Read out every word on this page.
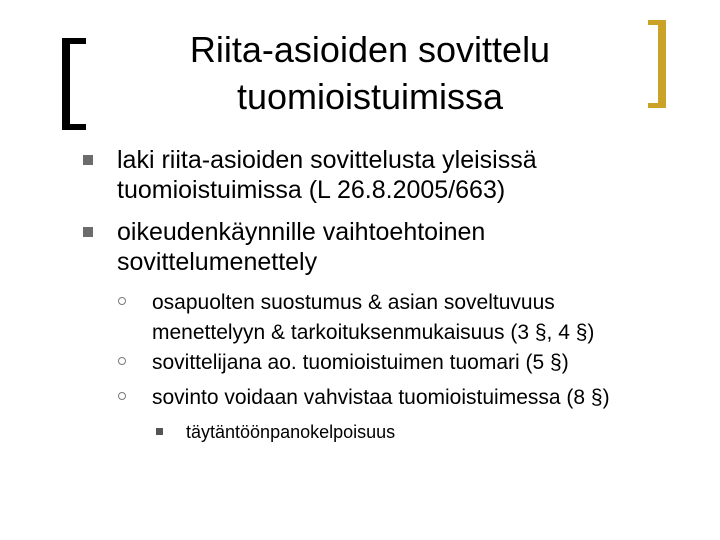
Riita-asioiden sovittelu
tuomioistuimissa
laki riita-asioiden sovittelusta yleisissä
tuomioistuimissa (L 26.8.2005/663)
oikeudenkäynnille vaihtoehtoinen
sovittelumenettely
osapuolten suostumus & asian soveltuvuus
menettelyyn & tarkoituksenmukaisuus (3 §, 4 §)
sovittelijana ao. tuomioistuimen tuomari (5 §)
sovinto voidaan vahvistaa tuomioistuimessa (8 §)
täytäntöönpanokelpoisuus
